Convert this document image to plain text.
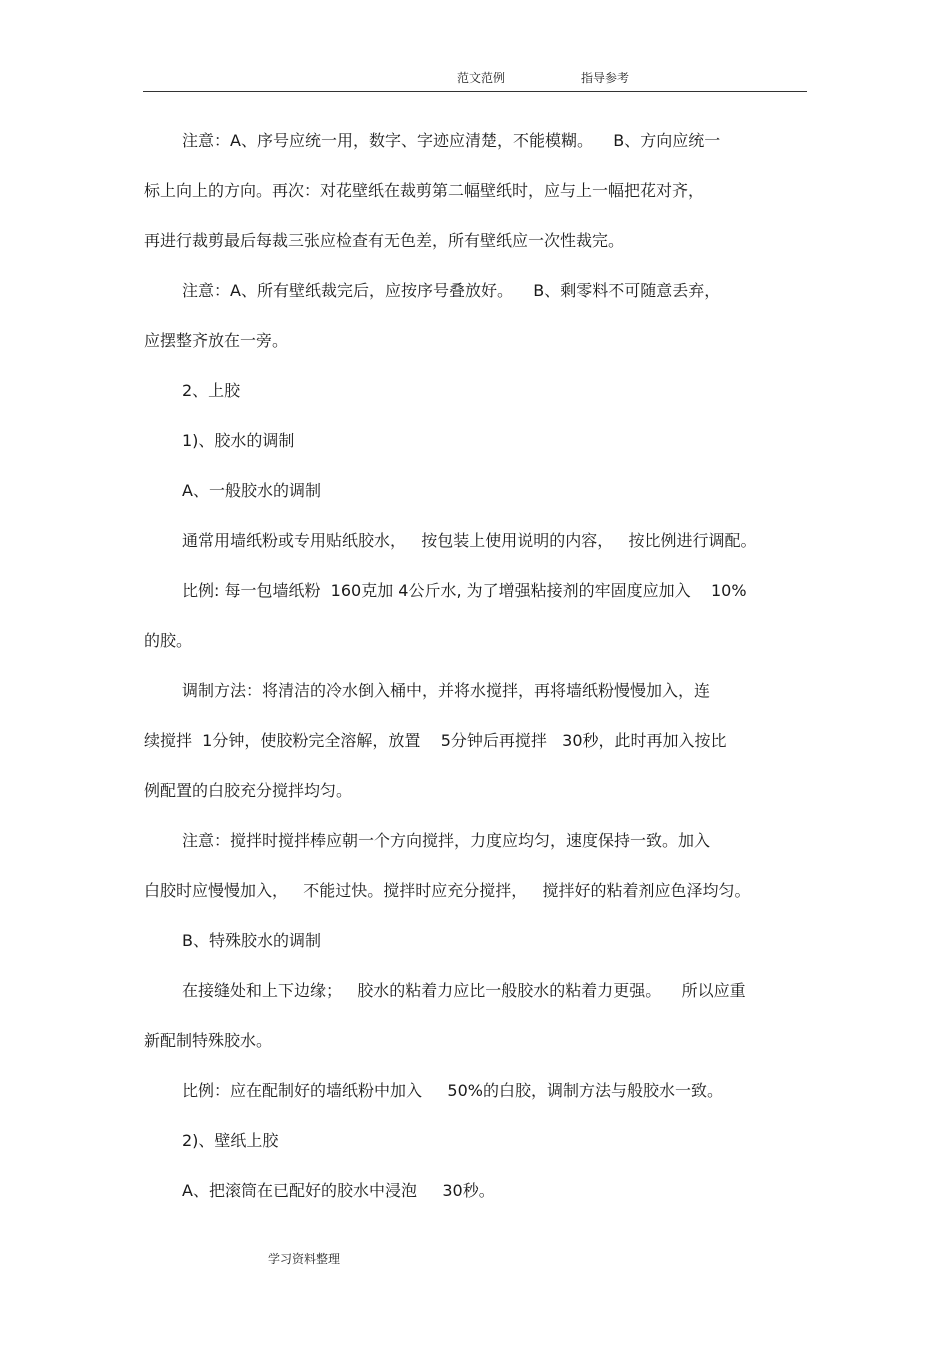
范文范例	指导参考
注意：A、序号应统一用，数字、字迹应清楚，不能模糊。    B、方向应统一
标上向上的方向。再次：对花壁纸在裁剪第二幅壁纸时，应与上一幅把花对齐，
再进行裁剪最后每裁三张应检查有无色差，所有壁纸应一次性裁完。
注意：A、所有壁纸裁完后，应按序号叠放好。    B、剩零料不可随意丢弃，
应摆整齐放在一旁。
2、上胶
1)、胶水的调制
A、一般胶水的调制
通常用墙纸粉或专用贴纸胶水，   按包装上使用说明的内容，   按比例进行调配。
比例: 每一包墙纸粉  160克加 4公斤水, 为了增强粘接剂的牢固度应加入    10%
的胶。
调制方法：将清洁的冷水倒入桶中，并将水搅拌，再将墙纸粉慢慢加入，连
续搅拌  1分钟，使胶粉完全溶解，放置    5分钟后再搅拌   30秒，此时再加入按比
例配置的白胶充分搅拌均匀。
注意：搅拌时搅拌棒应朝一个方向搅拌，力度应均匀，速度保持一致。加入
白胶时应慢慢加入，   不能过快。搅拌时应充分搅拌，   搅拌好的粘着剂应色泽均匀。
B、特殊胶水的调制
在接缝处和上下边缘；   胶水的粘着力应比一般胶水的粘着力更强。    所以应重
新配制特殊胶水。
比例：应在配制好的墙纸粉中加入     50%的白胶，调制方法与般胶水一致。
2)、壁纸上胶
A、把滚筒在已配好的胶水中浸泡     30秒。
学习资料整理
